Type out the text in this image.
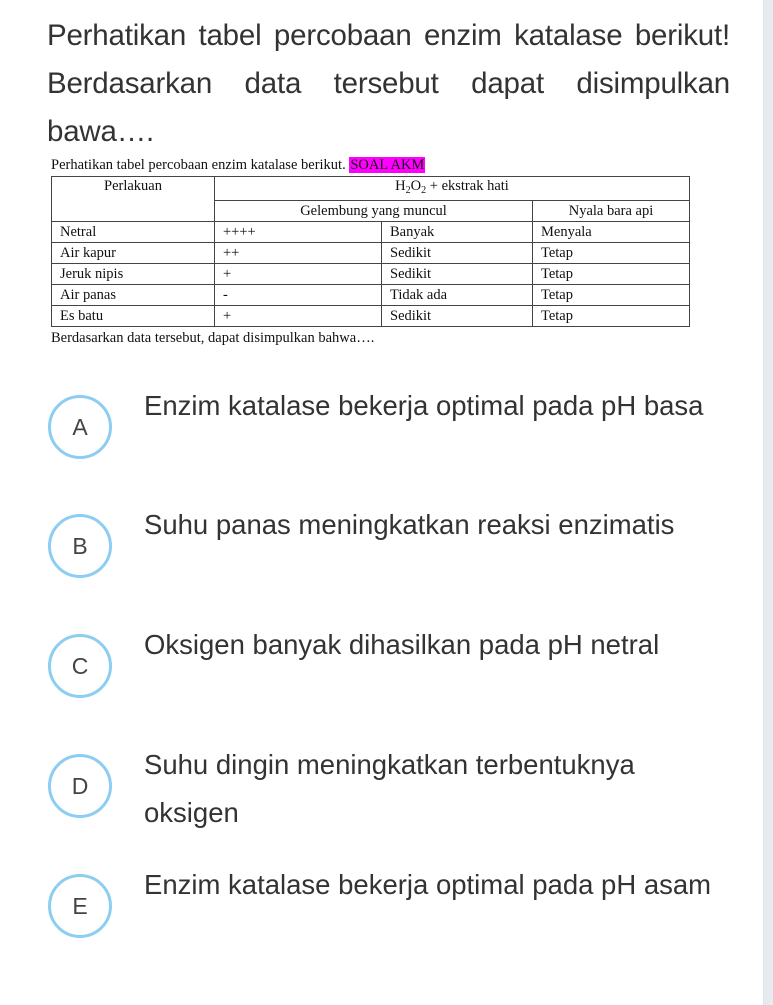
Perhatikan tabel percobaan enzim katalase berikut! Berdasarkan data tersebut dapat disimpulkan bawa….
Perhatikan tabel percobaan enzim katalase berikut. SOAL AKM
Perlakuan	$H_2O_2$ + ekstrak hati		
	Gelembung yang muncul		Nyala bara api
Netral	++++	Banyak	Menyala
Air kapur	++	Sedikit	Tetap
Jeruk nipis	+	Sedikit	Tetap
Air panas	-	Tidak ada	Tetap
Es batu	+	Sedikit	Tetap
Berdasarkan data tersebut, dapat disimpulkan bahwa….
A
Enzim katalase bekerja optimal pada pH basa
B
Suhu panas meningkatkan reaksi enzimatis
C
Oksigen banyak dihasilkan pada pH netral
D
Suhu dingin meningkatkan terbentuknya oksigen
E
Enzim katalase bekerja optimal pada pH asam
